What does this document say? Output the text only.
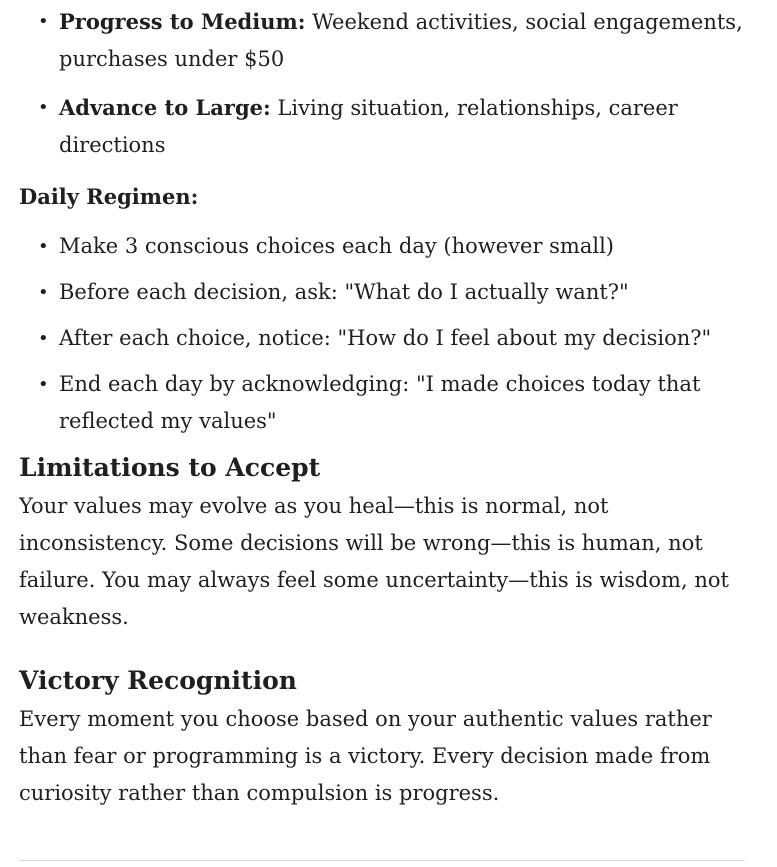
• Progress to Medium: Weekend activities, social engagements, purchases under $50
• Advance to Large: Living situation, relationships, career directions

Daily Regimen:

• Make 3 conscious choices each day (however small)
• Before each decision, ask: "What do I actually want?"
• After each choice, notice: "How do I feel about my decision?"
• End each day by acknowledging: "I made choices today that reflected my values"
Limitations to Accept

Your values may evolve as you heal—this is normal, not inconsistency. Some decisions will be wrong—this is human, not failure. You may always feel some uncertainty—this is wisdom, not weakness.

Victory Recognition

Every moment you choose based on your authentic values rather than fear or programming is a victory. Every decision made from curiosity rather than compulsion is progress.
